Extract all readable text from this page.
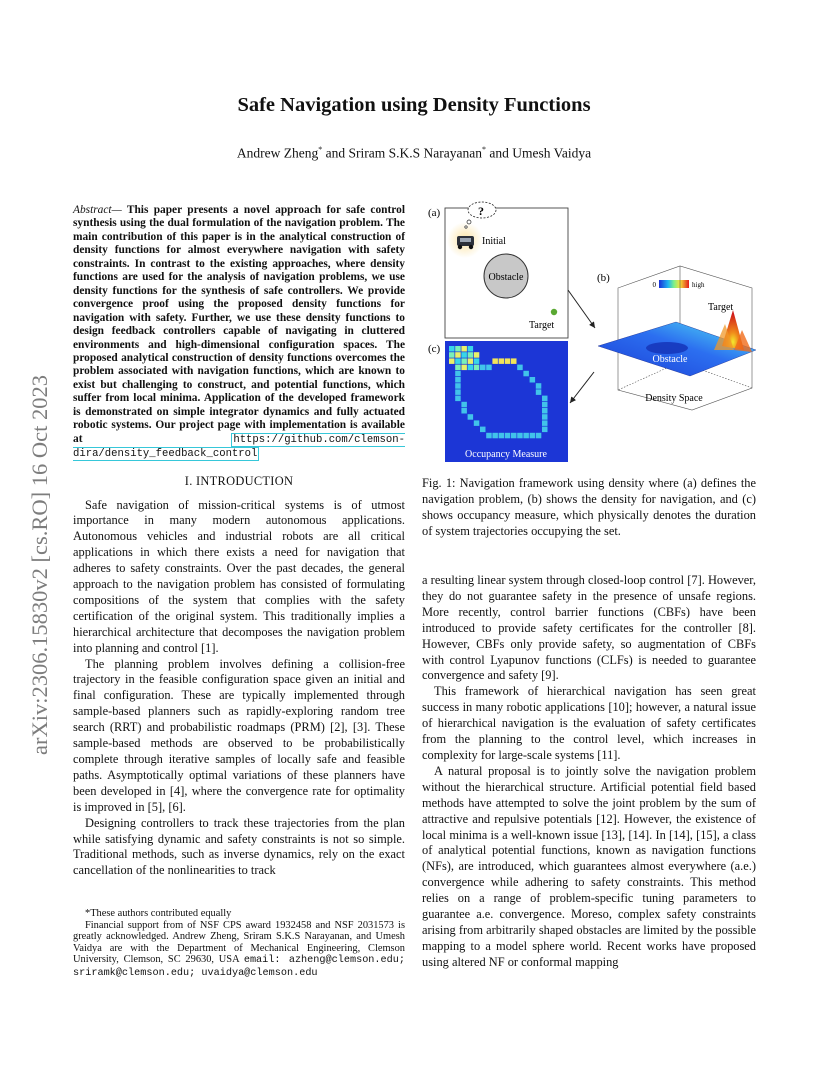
arXiv:2306.15830v2 [cs.RO] 16 Oct 2023
Safe Navigation using Density Functions
Andrew Zheng* and Sriram S.K.S Narayanan* and Umesh Vaidya

Abstract— This paper presents a novel approach for safe control synthesis using the dual formulation of the navigation problem. The main contribution of this paper is in the analytical construction of density functions for almost everywhere navigation with safety constraints. In contrast to the existing approaches, where density functions are used for the analysis of navigation problems, we use density functions for the synthesis of safe controllers. We provide convergence proof using the proposed density functions for navigation with safety. Further, we use these density functions to design feedback controllers capable of navigating in cluttered environments and high-dimensional configuration spaces. The proposed analytical construction of density functions overcomes the problem associated with navigation functions, which are known to exist but challenging to construct, and potential functions, which suffer from local minima. Application of the developed framework is demonstrated on simple integrator dynamics and fully actuated robotic systems. Our project page with implementation is available at https://github.com/clemson-dira/density_feedback_control

I. INTRODUCTION

Safe navigation of mission-critical systems is of utmost importance in many modern autonomous applications. Autonomous vehicles and industrial robots are all critical applications in which there exists a need for navigation that adheres to safety constraints. Over the past decades, the general approach to the navigation problem has consisted of formulating compositions of the system that complies with the safety certification of the original system. This traditionally implies a hierarchical architecture that decomposes the navigation problem into planning and control [1].

The planning problem involves defining a collision-free trajectory in the feasible configuration space given an initial and final configuration. These are typically implemented through sample-based planners such as rapidly-exploring random tree search (RRT) and probabilistic roadmaps (PRM) [2], [3]. These sample-based methods are observed to be probabilistically complete through iterative samples of locally safe and feasible paths. Asymptotically optimal variations of these planners have been developed in [4], where the convergence rate for optimality is improved in [5], [6].

Designing controllers to track these trajectories from the plan while satisfying dynamic and safety constraints is not so simple. Traditional methods, such as inverse dynamics, rely on the exact cancellation of the nonlinearities to track

*These authors contributed equally

Financial support from of NSF CPS award 1932458 and NSF 2031573 is greatly acknowledged. Andrew Zheng, Sriram S.K.S Narayanan, and Umesh Vaidya are with the Department of Mechanical Engineering, Clemson University, Clemson, SC 29630, USA email: azheng@clemson.edu; sriramk@clemson.edu; uvaidya@clemson.edu

(a)	?
Initial
Obstacle
Target
(c)
Occupancy Measure
(b)
0	high
Obstacle
Target
Density Space
Fig. 1: Navigation framework using density where (a) defines the navigation problem, (b) shows the density for navigation, and (c) shows occupancy measure, which physically denotes the duration of system trajectories occupying the set.

a resulting linear system through closed-loop control [7]. However, they do not guarantee safety in the presence of unsafe regions. More recently, control barrier functions (CBFs) have been introduced to provide safety certificates for the controller [8]. However, CBFs only provide safety, so augmentation of CBFs with control Lyapunov functions (CLFs) is needed to guarantee convergence and safety [9].

This framework of hierarchical navigation has seen great success in many robotic applications [10]; however, a natural issue of hierarchical navigation is the evaluation of safety certificates from the planning to the control level, which increases in complexity for large-scale systems [11].

A natural proposal is to jointly solve the navigation problem without the hierarchical structure. Artificial potential field based methods have attempted to solve the joint problem by the sum of attractive and repulsive potentials [12]. However, the existence of local minima is a well-known issue [13], [14]. In [14], [15], a class of analytical potential functions, known as navigation functions (NFs), are introduced, which guarantees almost everywhere (a.e.) convergence while adhering to safety constraints. This method relies on a range of problem-specific tuning parameters to guarantee a.e. convergence. Moreso, complex safety constraints arising from arbitrarily shaped obstacles are limited by the possible mapping to a model sphere world. Recent works have proposed using altered NF or conformal mapping
